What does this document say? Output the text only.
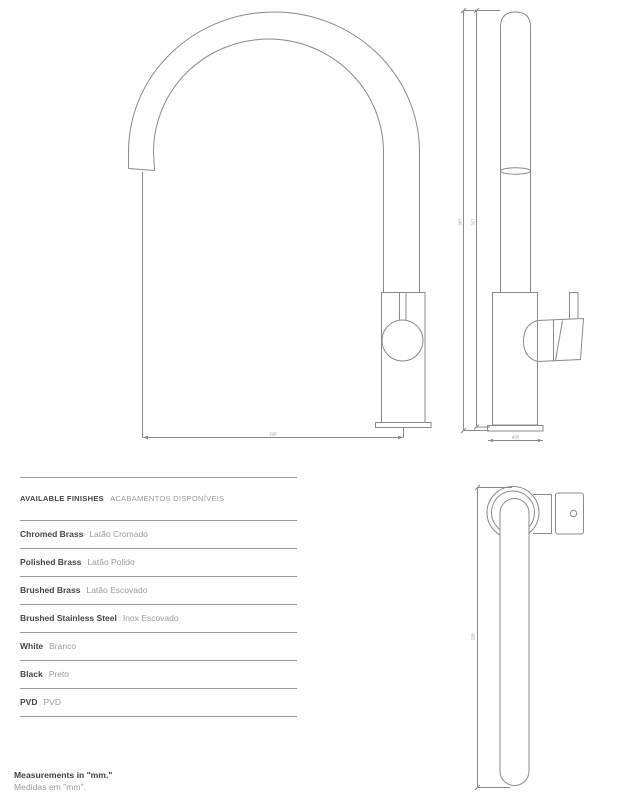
228
367 317
ø50
228
AVAILABLE FINISHES ACABAMENTOS DISPONÍVEIS
Chromed Brass Latão Cromado
Polished Brass Latão Polido
Brushed Brass Latão Escovado
Brushed Stainless Steel Inox Escovado
White Branco
Black Preto
PVD PVD
Measurements in "mm."
Medidas em "mm".
